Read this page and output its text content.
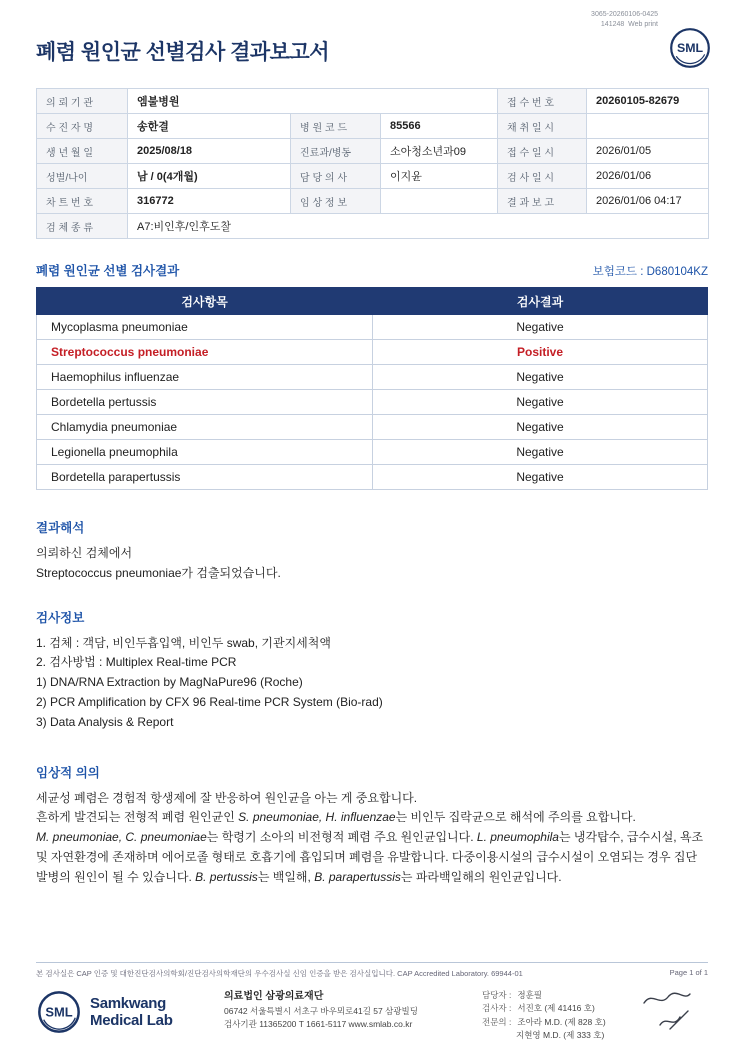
3065-20260106-0425
141248 Web print
SML
폐렴 원인균 선별검사 결과보고서
의 뢰 기 관	엠불병원			접 수 번 호	20260105-82679
수 진 자 명	송한결	병 원 코 드	85566	채 취 일 시	
생 년 월 일	2025/08/18	진료과/병동	소아청소년과09	접 수 일 시	2026/01/05
성별/나이	남 / 0(4개월)	담 당 의 사	이지윤	검 사 일 시	2026/01/06
차 트 번 호	316772	임 상 정 보		결 과 보 고	2026/01/06 04:17
검 체 종 류	A7:비인후/인후도찰				
폐렴 원인균 선별 검사결과	보험코드 : D680104KZ
검사항목	검사결과
Mycoplasma pneumoniae	Negative
Streptococcus pneumoniae	Positive
Haemophilus influenzae	Negative
Bordetella pertussis	Negative
Chlamydia pneumoniae	Negative
Legionella pneumophila	Negative
Bordetella parapertussis	Negative
결과해석

의뢰하신 검체에서

Streptococcus pneumoniae가 검출되었습니다.

검사정보

1. 검체 : 객담, 비인두흡입액, 비인두 swab, 기관지세척액

2. 검사방법 : Multiplex Real-time PCR

1) DNA/RNA Extraction by MagNaPure96 (Roche)

2) PCR Amplification by CFX 96 Real-time PCR System (Bio-rad)

3) Data Analysis & Report

임상적 의의

세균성 폐렴은 경험적 항생제에 잘 반응하여 원인균을 아는 게 중요합니다.

흔하게 발견되는 전형적 폐렴 원인균인 S. pneumoniae, H. influenzae는 비인두 집락균으로 해석에 주의를 요합니다.

M. pneumoniae, C. pneumoniae는 학령기 소아의 비전형적 폐렴 주요 원인균입니다. L. pneumophila는 냉각탑수, 급수시설, 욕조 및 자연환경에 존재하며 에어로졸 형태로 호흡기에 흡입되며 폐렴을 유발합니다. 다중이용시설의 급수시설이 오염되는 경우 집단발병의 원인이 될 수 있습니다. B. pertussis는 백일해, B. parapertussis는 파라백일해의 원인균입니다.

본 검사실은 CAP 인증 및 대한진단검사의학회/진단검사의학재단의 우수검사실 신임 인증을 받은 검사실입니다. CAP Accredited Laboratory. 69944-01	Page 1 of 1
SML
Samkwang
Medical Lab
의료법인 삼광의료재단
06742 서울특별시 서초구 바우뫼로41길 57 삼광빌딩
검사기관 11365200 T 1661-5117 www.smlab.co.kr
담당자 : 정훈필
검사자 : 서진호 (제 41416 호)
전문의 : 조아라 M.D. (제 828 호)
지현영 M.D. (제 333 호)
